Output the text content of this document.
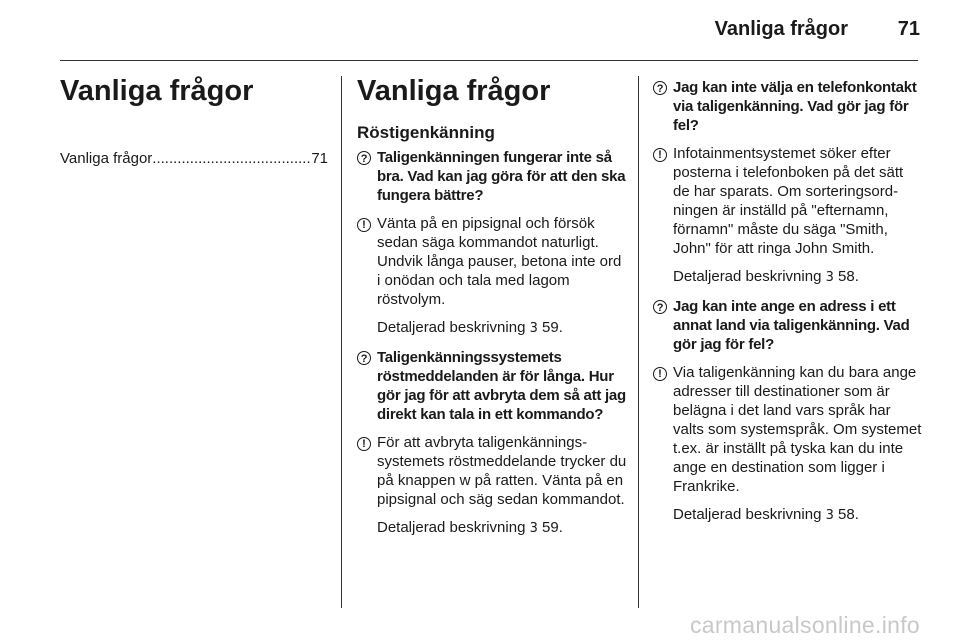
Vanliga frågor 71
Vanliga frågor
Vanliga frågor
.....	71
Vanliga frågor
Röstigenkänning
? Taligenkänningen fungerar inte så bra. Vad kan jag göra för att den ska fungera bättre?
! Vänta på en pipsignal och försök sedan säga kommandot naturligt. Undvik långa pauser, betona inte ord i onödan och tala med lagom röstvolym.
Detaljerad beskrivning 3 59.
? Taligenkänningssystemets röstmeddelanden är för långa. Hur gör jag för att avbryta dem så att jag direkt kan tala in ett kommando?
! För att avbryta taligenkänningssystemets röstmeddelande trycker du på knappen w på ratten. Vänta på en pipsignal och säg sedan kommandot.
Detaljerad beskrivning 3 59.
? Jag kan inte välja en telefonkontakt via taligenkänning. Vad gör jag för fel?
! Infotainmentsystemet söker efter posterna i telefonboken på det sätt de har sparats. Om sorteringsordningen är inställd på "efternamn, förnamn" måste du säga "Smith, John" för att ringa John Smith.
Detaljerad beskrivning 3 58.
? Jag kan inte ange en adress i ett annat land via taligenkänning. Vad gör jag för fel?
! Via taligenkänning kan du bara ange adresser till destinationer som är belägna i det land vars språk har valts som systemspråk. Om systemet t.ex. är inställt på tyska kan du inte ange en destination som ligger i Frankrike.
Detaljerad beskrivning 3 58.
carmanualsonline.info
